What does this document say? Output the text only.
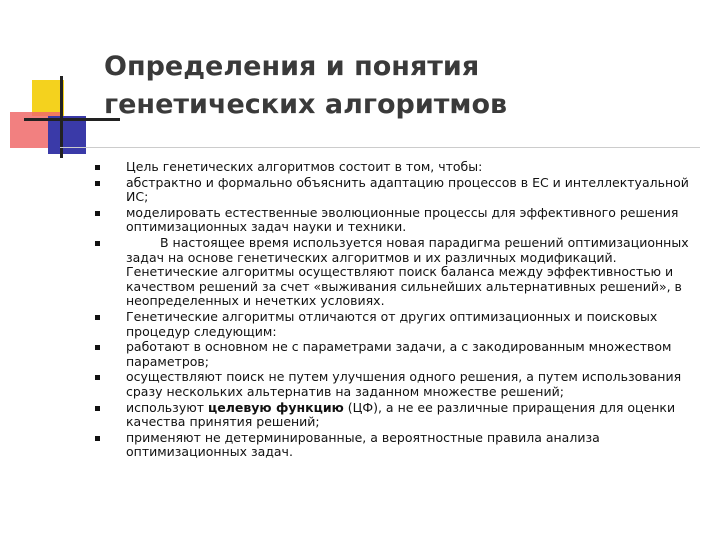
Определения и понятия
генетических алгоритмов
Цель генетических алгоритмов состоит в том, чтобы:
абстрактно и формально объяснить адаптацию процессов в ЕС и интеллектуальной ИС;
моделировать естественные эволюционные процессы для эффективного решения оптимизационных задач науки и техники.
В настоящее время используется новая парадигма решений оптимизационных задач на основе генетических алгоритмов и их различных модификаций. Генетические алгоритмы осуществляют поиск баланса между эффективностью и качеством решений за счет «выживания сильнейших альтернативных решений», в неопределенных и нечетких условиях.
Генетические алгоритмы отличаются от других оптимизационных и поисковых процедур следующим:
работают в основном не с параметрами задачи, а с закодированным множеством параметров;
осуществляют поиск не путем улучшения одного решения, а путем использования сразу нескольких альтернатив на заданном множестве решений;
используют целевую функцию (ЦФ), а не ее различные приращения для оценки качества принятия решений;
применяют не детерминированные, а вероятностные правила анализа оптимизационных задач.
